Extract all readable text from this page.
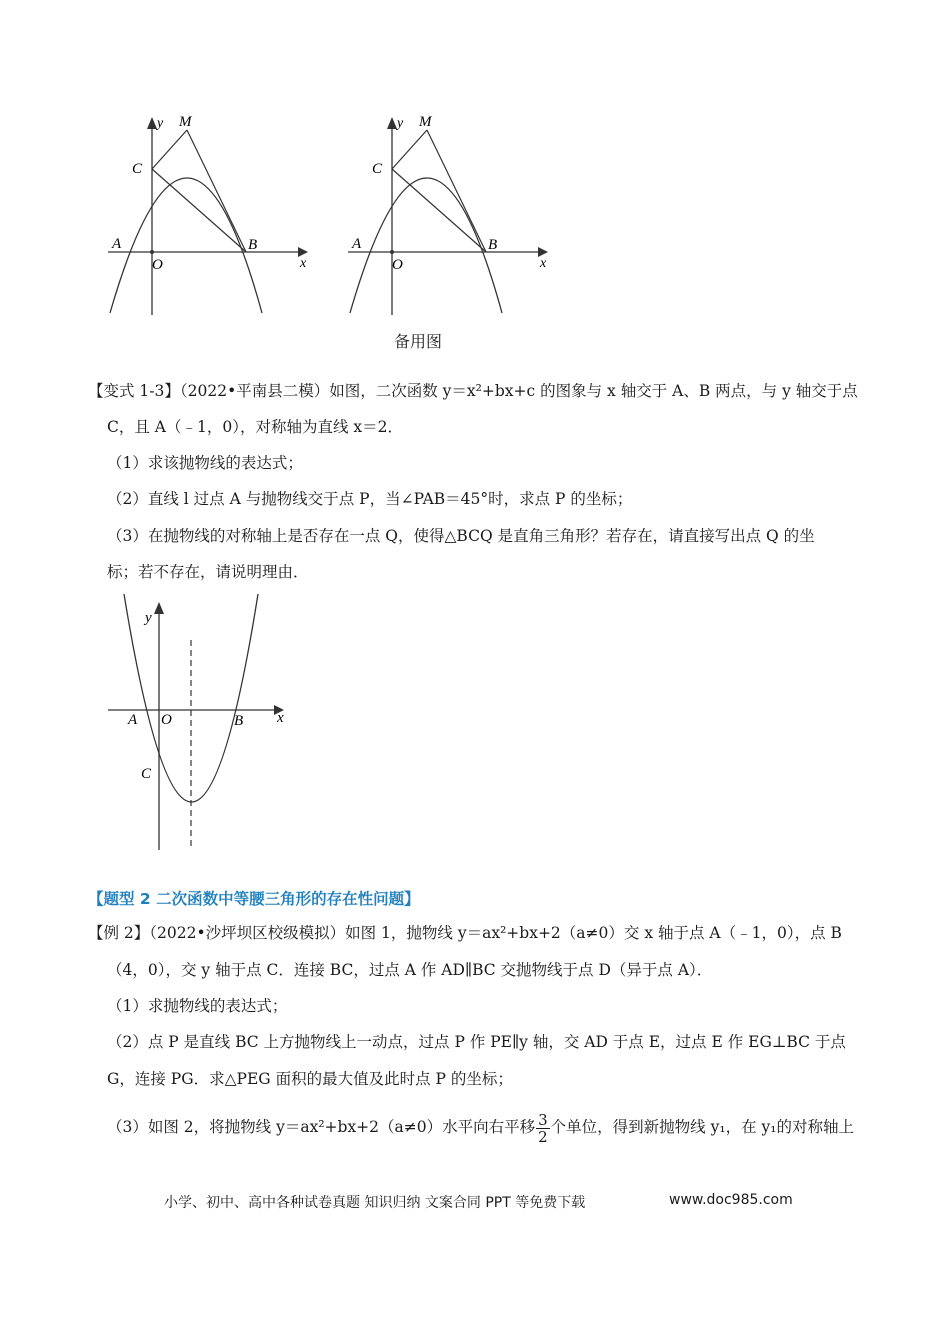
y M
C
A
O
B
x
y M
C
A
O
B
x
备用图
【变式 1-3】（2022•平南县二模）如图，二次函数 y＝x²+bx+c 的图象与 x 轴交于 A、B 两点，与 y 轴交于点
C，且 A（﹣1，0），对称轴为直线 x＝2．
（1）求该抛物线的表达式；
（2）直线 l 过点 A 与抛物线交于点 P，当∠PAB＝45°时，求点 P 的坐标；
（3）在抛物线的对称轴上是否存在一点 Q，使得△BCQ 是直角三角形？若存在，请直接写出点 Q 的坐
标；若不存在，请说明理由．
y
A O	B x
C
【题型 2 二次函数中等腰三角形的存在性问题】
【例 2】（2022•沙坪坝区校级模拟）如图 1，抛物线 y＝ax²+bx+2（a≠0）交 x 轴于点 A（﹣1，0），点 B
（4，0），交 y 轴于点 C．连接 BC，过点 A 作 AD∥BC 交抛物线于点 D（异于点 A）．
（1）求抛物线的表达式；
（2）点 P 是直线 BC 上方抛物线上一动点，过点 P 作 PE∥y 轴，交 AD 于点 E，过点 E 作 EG⊥BC 于点
G，连接 PG．求△PEG 面积的最大值及此时点 P 的坐标；
（3）如图 2，将抛物线 y＝ax²+bx+2（a≠0）水平向右平移 $\frac{3}{2}$ 个单位，得到新抛物线 y₁，在 y₁的对称轴上
小学、初中、高中各种试卷真题 知识归纳 文案合同 PPT 等免费下载	www.doc985.com
